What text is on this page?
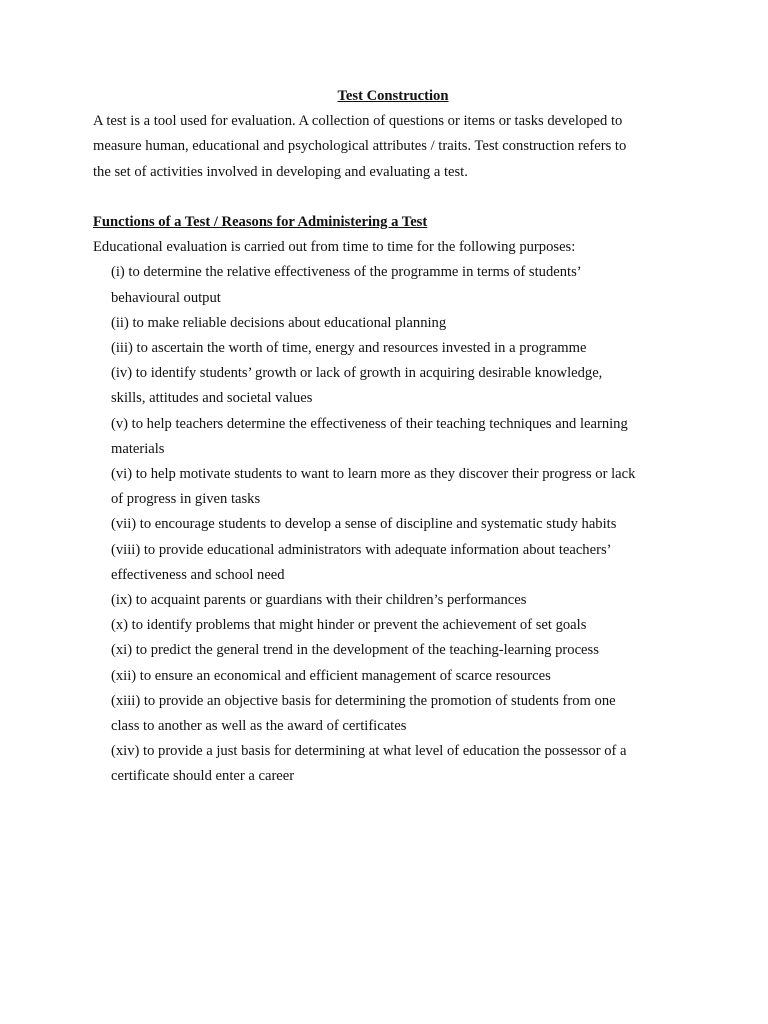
Test Construction
A test is a tool used for evaluation. A collection of questions or items or tasks developed to
measure human, educational and psychological attributes / traits. Test construction refers to
the set of activities involved in developing and evaluating a test.
Functions of a Test / Reasons for Administering a Test
Educational evaluation is carried out from time to time for the following purposes:
(i) to determine the relative effectiveness of the programme in terms of students’
behavioural output
(ii) to make reliable decisions about educational planning
(iii) to ascertain the worth of time, energy and resources invested in a programme
(iv) to identify students’ growth or lack of growth in acquiring desirable knowledge,
skills, attitudes and societal values
(v) to help teachers determine the effectiveness of their teaching techniques and learning
materials
(vi) to help motivate students to want to learn more as they discover their progress or lack
of progress in given tasks
(vii) to encourage students to develop a sense of discipline and systematic study habits
(viii) to provide educational administrators with adequate information about teachers’
effectiveness and school need
(ix) to acquaint parents or guardians with their children’s performances
(x) to identify problems that might hinder or prevent the achievement of set goals
(xi) to predict the general trend in the development of the teaching-learning process
(xii) to ensure an economical and efficient management of scarce resources
(xiii) to provide an objective basis for determining the promotion of students from one
class to another as well as the award of certificates
(xiv) to provide a just basis for determining at what level of education the possessor of a
certificate should enter a career
